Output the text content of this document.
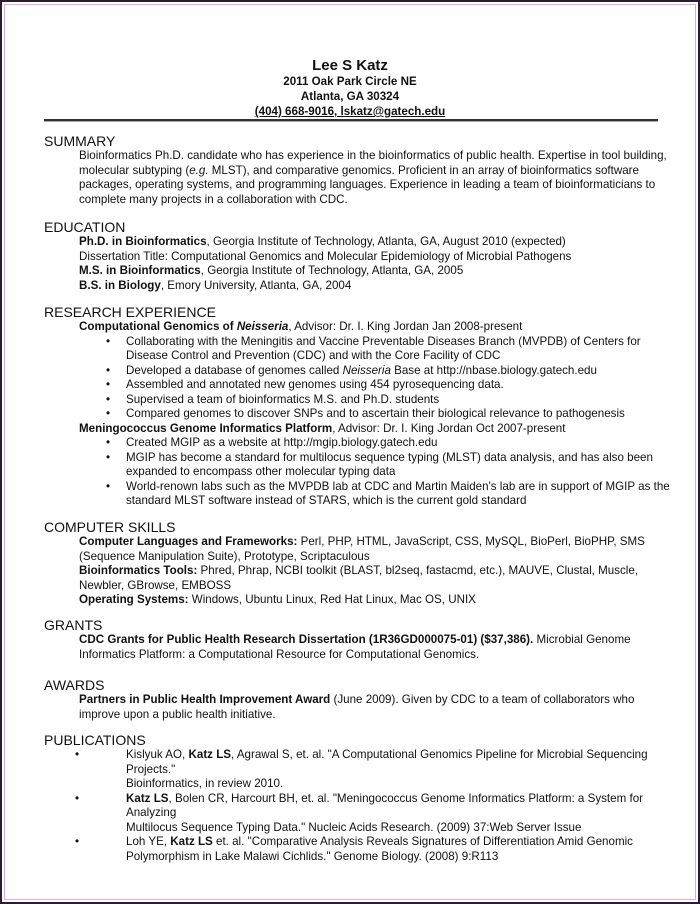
Lee S Katz
2011 Oak Park Circle NE
Atlanta, GA 30324
(404) 668-9016, lskatz@gatech.edu
SUMMARY
Bioinformatics Ph.D. candidate who has experience in the bioinformatics of public health. Expertise in tool building,
molecular subtyping (e.g. MLST), and comparative genomics. Proficient in an array of bioinformatics software
packages, operating systems, and programming languages. Experience in leading a team of bioinformaticians to
complete many projects in a collaboration with CDC.
EDUCATION
Ph.D. in Bioinformatics, Georgia Institute of Technology, Atlanta, GA, August 2010 (expected)
Dissertation Title: Computational Genomics and Molecular Epidemiology of Microbial Pathogens
M.S. in Bioinformatics, Georgia Institute of Technology, Atlanta, GA, 2005
B.S. in Biology, Emory University, Atlanta, GA, 2004
RESEARCH EXPERIENCE
Computational Genomics of Neisseria, Advisor: Dr. I. King Jordan Jan 2008-present
• Collaborating with the Meningitis and Vaccine Preventable Diseases Branch (MVPDB) of Centers for
Disease Control and Prevention (CDC) and with the Core Facility of CDC
• Developed a database of genomes called Neisseria Base at http://nbase.biology.gatech.edu
• Assembled and annotated new genomes using 454 pyrosequencing data.
• Supervised a team of bioinformatics M.S. and Ph.D. students
• Compared genomes to discover SNPs and to ascertain their biological relevance to pathogenesis
Meningococcus Genome Informatics Platform, Advisor: Dr. I. King Jordan Oct 2007-present
• Created MGIP as a website at http://mgip.biology.gatech.edu
• MGIP has become a standard for multilocus sequence typing (MLST) data analysis, and has also been
expanded to encompass other molecular typing data
• World-renown labs such as the MVPDB lab at CDC and Martin Maiden's lab are in support of MGIP as the
standard MLST software instead of STARS, which is the current gold standard
COMPUTER SKILLS
Computer Languages and Frameworks: Perl, PHP, HTML, JavaScript, CSS, MySQL, BioPerl, BioPHP, SMS
(Sequence Manipulation Suite), Prototype, Scriptaculous
Bioinformatics Tools: Phred, Phrap, NCBI toolkit (BLAST, bl2seq, fastacmd, etc.), MAUVE, Clustal, Muscle,
Newbler, GBrowse, EMBOSS
Operating Systems: Windows, Ubuntu Linux, Red Hat Linux, Mac OS, UNIX
GRANTS
CDC Grants for Public Health Research Dissertation (1R36GD000075-01) ($37,386). Microbial Genome
Informatics Platform: a Computational Resource for Computational Genomics.
AWARDS
Partners in Public Health Improvement Award (June 2009). Given by CDC to a team of collaborators who
improve upon a public health initiative.
PUBLICATIONS
•	Kislyuk AO, Katz LS, Agrawal S, et. al. "A Computational Genomics Pipeline for Microbial Sequencing Projects."
Bioinformatics, in review 2010.
•	Katz LS, Bolen CR, Harcourt BH, et. al. "Meningococcus Genome Informatics Platform: a System for Analyzing
Multilocus Sequence Typing Data." Nucleic Acids Research. (2009) 37:Web Server Issue
•	Loh YE, Katz LS et. al. "Comparative Analysis Reveals Signatures of Differentiation Amid Genomic
Polymorphism in Lake Malawi Cichlids." Genome Biology. (2008) 9:R113
